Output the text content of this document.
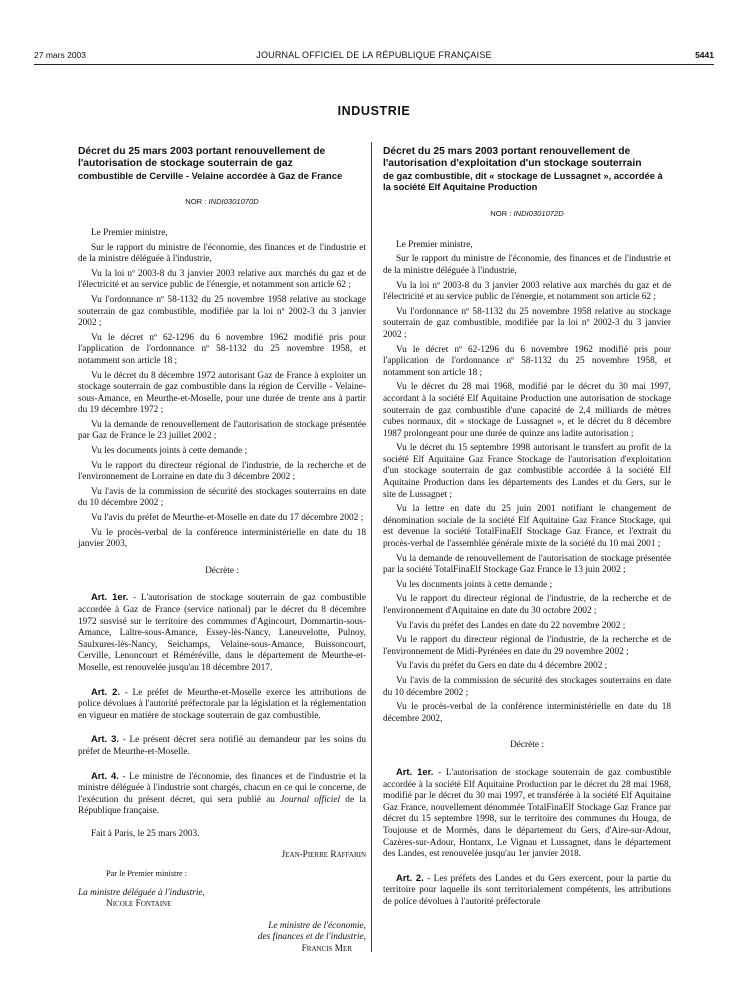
27 mars 2003	JOURNAL OFFICIEL DE LA RÉPUBLIQUE FRANÇAISE	5441
INDUSTRIE
Décret du 25 mars 2003 portant renouvellement de l'autorisation de stockage souterrain de gaz
combustible de Cerville - Velaine accordée à Gaz de France
NOR : INDI0301070D

Le Premier ministre,

Sur le rapport du ministre de l'économie, des finances et de l'industrie et de la ministre déléguée à l'industrie,

Vu la loi nº 2003-8 du 3 janvier 2003 relative aux marchés du gaz et de l'électricité et au service public de l'énergie, et notamment son article 62 ;

Vu l'ordonnance nº 58-1132 du 25 novembre 1958 relative au stockage souterrain de gaz combustible, modifiée par la loi nº 2002-3 du 3 janvier 2002 ;

Vu le décret nº 62-1296 du 6 novembre 1962 modifié pris pour l'application de l'ordonnance nº 58-1132 du 25 novembre 1958, et notamment son article 18 ;

Vu le décret du 8 décembre 1972 autorisant Gaz de France à exploiter un stockage souterrain de gaz combustible dans la région de Cerville - Velaine-sous-Amance, en Meurthe-et-Moselle, pour une durée de trente ans à partir du 19 décembre 1972 ;

Vu la demande de renouvellement de l'autorisation de stockage présentée par Gaz de France le 23 juillet 2002 ;

Vu les documents joints à cette demande ;

Vu le rapport du directeur régional de l'industrie, de la recherche et de l'environnement de Lorraine en date du 3 décembre 2002 ;

Vu l'avis de la commission de sécurité des stockages souterrains en date du 10 décembre 2002 ;

Vu l'avis du préfet de Meurthe-et-Moselle en date du 17 décembre 2002 ;

Vu le procès-verbal de la conférence interministérielle en date du 18 janvier 2003,

Décrète :

Art. 1er. - L'autorisation de stockage souterrain de gaz combustible accordée à Gaz de France (service national) par le décret du 8 décembre 1972 susvisé sur le territoire des communes d'Agincourt, Dommartin-sous-Amance, Laître-sous-Amance, Essey-lès-Nancy, Laneuvelotte, Pulnoy, Saulxures-lès-Nancy, Seichamps, Velaine-sous-Amance, Buissoncourt, Cerville, Lenoncourt et Réméréville, dans le département de Meurthe-et-Moselle, est renouvelée jusqu'au 18 décembre 2017.

Art. 2. - Le préfet de Meurthe-et-Moselle exerce les attributions de police dévolues à l'autorité préfectorale par la législation et la réglementation en vigueur en matière de stockage souterrain de gaz combustible.

Art. 3. - Le présent décret sera notifié au demandeur par les soins du préfet de Meurthe-et-Moselle.

Art. 4. - Le ministre de l'économie, des finances et de l'industrie et la ministre déléguée à l'industrie sont chargés, chacun en ce qui le concerne, de l'exécution du présent décret, qui sera publié au Journal officiel de la République française.

Fait à Paris, le 25 mars 2003.

Jean-Pierre Raffarin
Par le Premier ministre :
La ministre déléguée à l'industrie,
Nicole Fontaine
Le ministre de l'économie,
des finances et de l'industrie,
Francis Mer
Décret du 25 mars 2003 portant renouvellement de l'autorisation d'exploitation d'un stockage souterrain
de gaz combustible, dit « stockage de Lussagnet », accordée à la société Elf Aquitaine Production
NOR : INDI0301072D

Le Premier ministre,

Sur le rapport du ministre de l'économie, des finances et de l'industrie et de la ministre déléguée à l'industrie,

Vu la loi nº 2003-8 du 3 janvier 2003 relative aux marchés du gaz et de l'électricité et au service public de l'énergie, et notamment son article 62 ;

Vu l'ordonnance nº 58-1132 du 25 novembre 1958 relative au stockage souterrain de gaz combustible, modifiée par la loi nº 2002-3 du 3 janvier 2002 ;

Vu le décret nº 62-1296 du 6 novembre 1962 modifié pris pour l'application de l'ordonnance nº 58-1132 du 25 novembre 1958, et notamment son article 18 ;

Vu le décret du 28 mai 1968, modifié par le décret du 30 mai 1997, accordant à la société Elf Aquitaine Production une autorisation de stockage souterrain de gaz combustible d'une capacité de 2,4 milliards de mètres cubes normaux, dit « stockage de Lussagnet », et le décret du 8 décembre 1987 prolongeant pour une durée de quinze ans ladite autorisation ;

Vu le décret du 15 septembre 1998 autorisant le transfert au profit de la société Elf Aquitaine Gaz France Stockage de l'autorisation d'exploitation d'un stockage souterrain de gaz combustible accordée à la société Elf Aquitaine Production dans les départements des Landes et du Gers, sur le site de Lussagnet ;

Vu la lettre en date du 25 juin 2001 notifiant le changement de dénomination sociale de la société Elf Aquitaine Gaz France Stockage, qui est devenue la société TotalFinaElf Stockage Gaz France, et l'extrait du procès-verbal de l'assemblée générale mixte de la société du 10 mai 2001 ;

Vu la demande de renouvellement de l'autorisation de stockage présentée par la société TotalFinaElf Stockage Gaz France le 13 juin 2002 ;

Vu les documents joints à cette demande ;

Vu le rapport du directeur régional de l'industrie, de la recherche et de l'environnement d'Aquitaine en date du 30 octobre 2002 ;

Vu l'avis du préfet des Landes en date du 22 novembre 2002 ;

Vu le rapport du directeur régional de l'industrie, de la recherche et de l'environnement de Midi-Pyrénées en date du 29 novembre 2002 ;

Vu l'avis du préfet du Gers en date du 4 décembre 2002 ;

Vu l'avis de la commission de sécurité des stockages souterrains en date du 10 décembre 2002 ;

Vu le procès-verbal de la conférence interministérielle en date du 18 décembre 2002,

Décrète :

Art. 1er. - L'autorisation de stockage souterrain de gaz combustible accordée à la société Elf Aquitaine Production par le décret du 28 mai 1968, modifié par le décret du 30 mai 1997, et transférée à la société Elf Aquitaine Gaz France, nouvellement dénommée TotalFinaElf Stockage Gaz France par décret du 15 septembre 1998, sur le territoire des communes du Houga, de Toujouse et de Mormès, dans le département du Gers, d'Aire-sur-Adour, Cazères-sur-Adour, Hontanx, Le Vignau et Lussagnet, dans le département des Landes, est renouvelée jusqu'au 1er janvier 2018.

Art. 2. - Les préfets des Landes et du Gers exercent, pour la partie du territoire pour laquelle ils sont territorialement compétents, les attributions de police dévolues à l'autorité préfectorale
